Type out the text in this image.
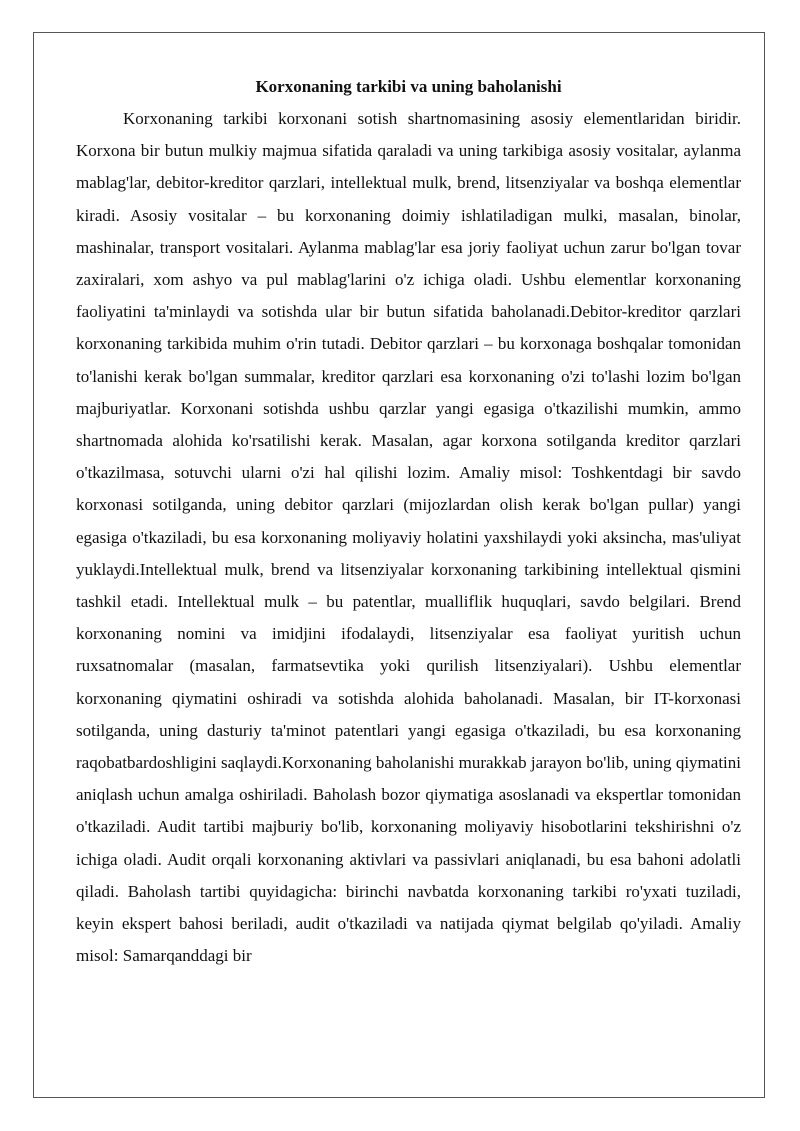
Korxonaning tarkibi va uning baholanishi

Korxonaning tarkibi korxonani sotish shartnomasining asosiy elementlaridan biridir. Korxona bir butun mulkiy majmua sifatida qaraladi va uning tarkibiga asosiy vositalar, aylanma mablag'lar, debitor-kreditor qarzlari, intellektual mulk, brend, litsenziyalar va boshqa elementlar kiradi. Asosiy vositalar – bu korxonaning doimiy ishlatiladigan mulki, masalan, binolar, mashinalar, transport vositalari. Aylanma mablag'lar esa joriy faoliyat uchun zarur bo'lgan tovar zaxiralari, xom ashyo va pul mablag'larini o'z ichiga oladi. Ushbu elementlar korxonaning faoliyatini ta'minlaydi va sotishda ular bir butun sifatida baholanadi.Debitor-kreditor qarzlari korxonaning tarkibida muhim o'rin tutadi. Debitor qarzlari – bu korxonaga boshqalar tomonidan to'lanishi kerak bo'lgan summalar, kreditor qarzlari esa korxonaning o'zi to'lashi lozim bo'lgan majburiyatlar. Korxonani sotishda ushbu qarzlar yangi egasiga o'tkazilishi mumkin, ammo shartnomada alohida ko'rsatilishi kerak. Masalan, agar korxona sotilganda kreditor qarzlari o'tkazilmasa, sotuvchi ularni o'zi hal qilishi lozim. Amaliy misol: Toshkentdagi bir savdo korxonasi sotilganda, uning debitor qarzlari (mijozlardan olish kerak bo'lgan pullar) yangi egasiga o'tkaziladi, bu esa korxonaning moliyaviy holatini yaxshilaydi yoki aksincha, mas'uliyat yuklaydi.Intellektual mulk, brend va litsenziyalar korxonaning tarkibining intellektual qismini tashkil etadi. Intellektual mulk – bu patentlar, mualliflik huquqlari, savdo belgilari. Brend korxonaning nomini va imidjini ifodalaydi, litsenziyalar esa faoliyat yuritish uchun ruxsatnomalar (masalan, farmatsevtika yoki qurilish litsenziyalari). Ushbu elementlar korxonaning qiymatini oshiradi va sotishda alohida baholanadi. Masalan, bir IT-korxonasi sotilganda, uning dasturiy ta'minot patentlari yangi egasiga o'tkaziladi, bu esa korxonaning raqobatbardoshligini saqlaydi.Korxonaning baholanishi murakkab jarayon bo'lib, uning qiymatini aniqlash uchun amalga oshiriladi. Baholash bozor qiymatiga asoslanadi va ekspertlar tomonidan o'tkaziladi. Audit tartibi majburiy bo'lib, korxonaning moliyaviy hisobotlarini tekshirishni o'z ichiga oladi. Audit orqali korxonaning aktivlari va passivlari aniqlanadi, bu esa bahoni adolatli qiladi. Baholash tartibi quyidagicha: birinchi navbatda korxonaning tarkibi ro'yxati tuziladi, keyin ekspert bahosi beriladi, audit o'tkaziladi va natijada qiymat belgilab qo'yiladi. Amaliy misol: Samarqanddagi bir
